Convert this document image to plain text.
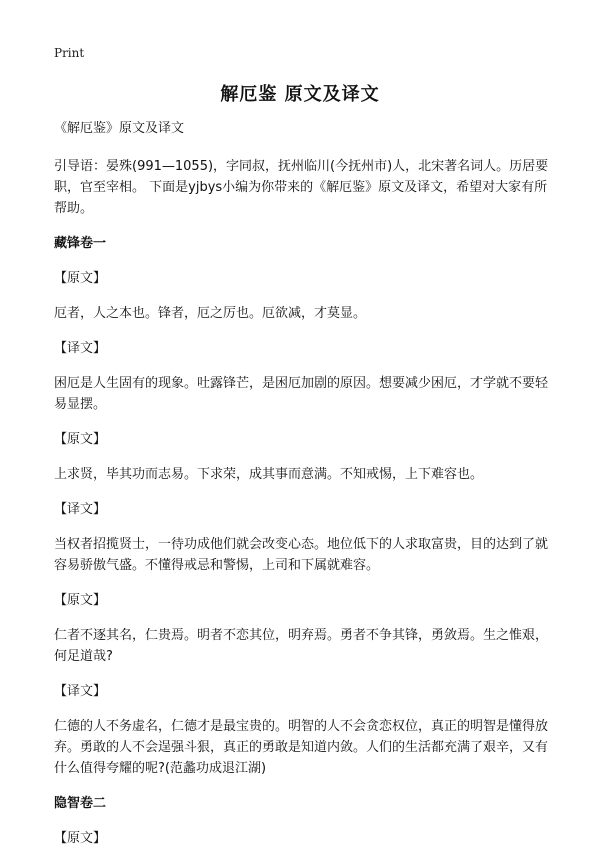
Print
解厄鉴 原文及译文

《解厄鉴》原文及译文

引导语：晏殊(991—1055)，字同叔，抚州临川(今抚州市)人，北宋著名词人。历居要职，官至宰相。 下面是yjbys小编为你带来的《解厄鉴》原文及译文，希望对大家有所帮助。

藏锋卷一

【原文】

厄者，人之本也。锋者，厄之厉也。厄欲减，才莫显。

【译文】

困厄是人生固有的现象。吐露锋芒，是困厄加剧的原因。想要减少困厄，才学就不要轻易显摆。

【原文】

上求贤，毕其功而志易。下求荣，成其事而意满。不知戒惕，上下难容也。

【译文】

当权者招揽贤士，一待功成他们就会改变心态。地位低下的人求取富贵，目的达到了就容易骄傲气盛。不懂得戒忌和警惕，上司和下属就难容。

【原文】

仁者不逐其名，仁贵焉。明者不恋其位，明弃焉。勇者不争其锋，勇敛焉。生之惟艰，何足道哉?

【译文】

仁德的人不务虚名，仁德才是最宝贵的。明智的人不会贪恋权位，真正的明智是懂得放弃。勇敢的人不会逞强斗狠，真正的勇敢是知道内敛。人们的生活都充满了艰辛，又有什么值得夸耀的呢?(范蠡功成退江湖)

隐智卷二

【原文】
